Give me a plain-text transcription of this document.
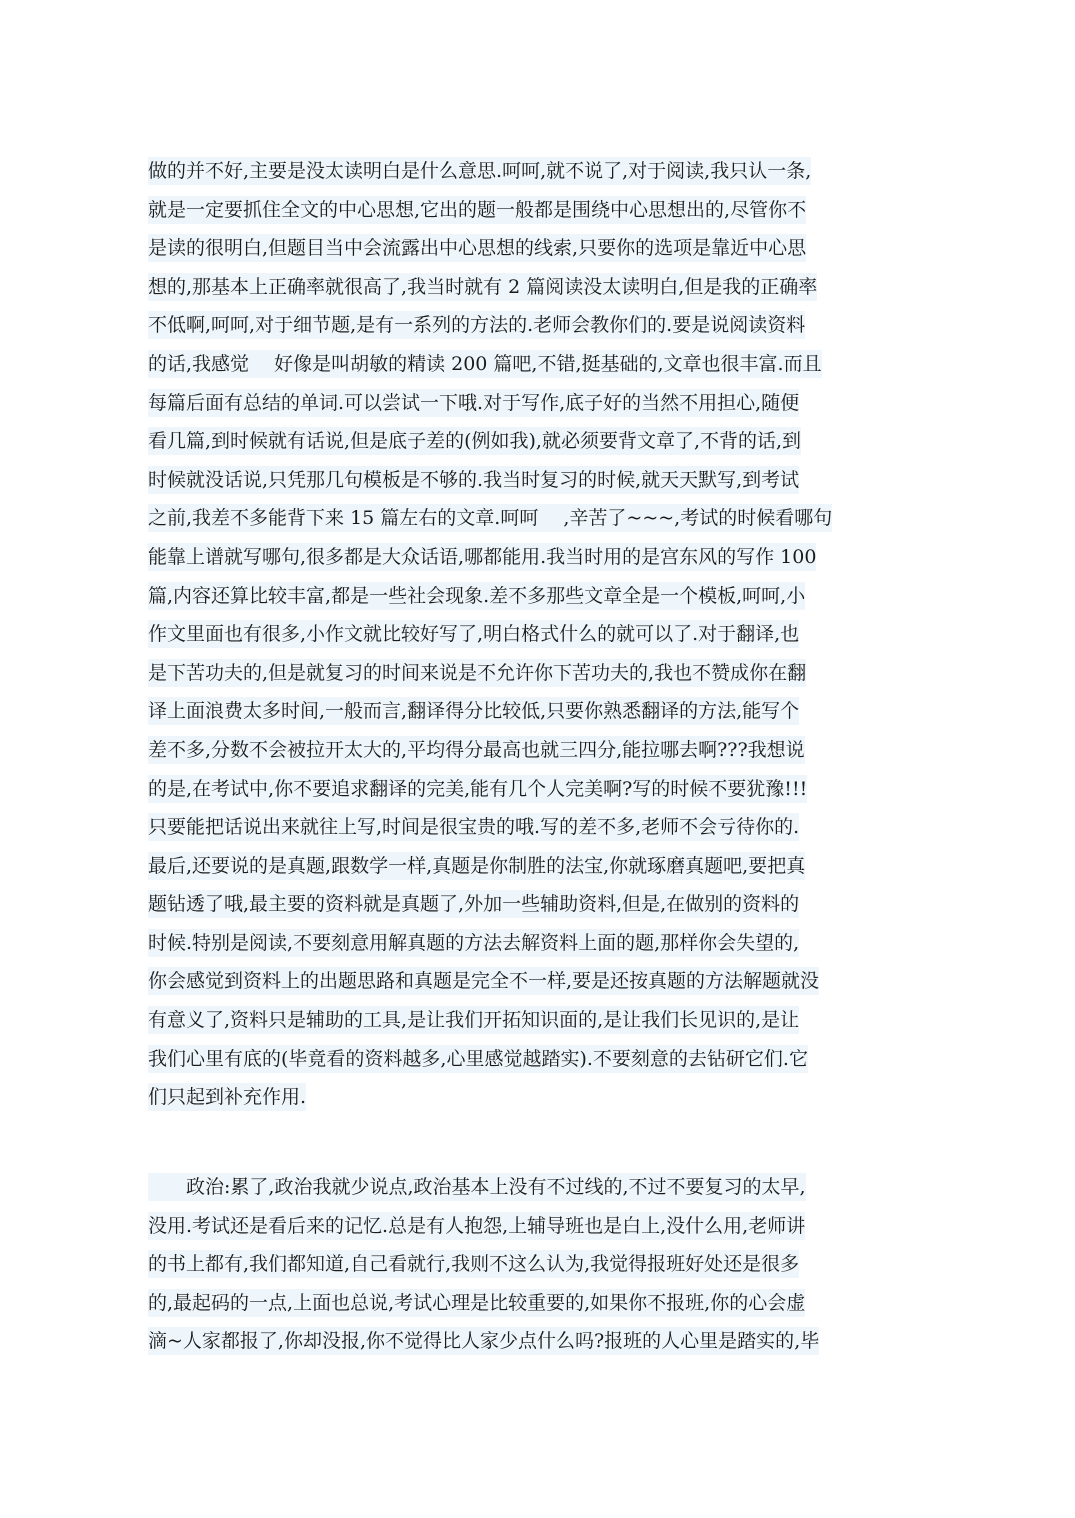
做的并不好,主要是没太读明白是什么意思.呵呵,就不说了,对于阅读,我只认一条,
就是一定要抓住全文的中心思想,它出的题一般都是围绕中心思想出的,尽管你不
是读的很明白,但题目当中会流露出中心思想的线索,只要你的选项是靠近中心思
想的,那基本上正确率就很高了,我当时就有 2 篇阅读没太读明白,但是我的正确率
不低啊,呵呵,对于细节题,是有一系列的方法的.老师会教你们的.要是说阅读资料
的话,我感觉　 好像是叫胡敏的精读 200 篇吧,不错,挺基础的,文章也很丰富.而且
每篇后面有总结的单词.可以尝试一下哦.对于写作,底子好的当然不用担心,随便
看几篇,到时候就有话说,但是底子差的(例如我),就必须要背文章了,不背的话,到
时候就没话说,只凭那几句模板是不够的.我当时复习的时候,就天天默写,到考试
之前,我差不多能背下来 15 篇左右的文章.呵呵　 ,辛苦了~~~,考试的时候看哪句
能靠上谱就写哪句,很多都是大众话语,哪都能用.我当时用的是宫东风的写作 100
篇,内容还算比较丰富,都是一些社会现象.差不多那些文章全是一个模板,呵呵,小
作文里面也有很多,小作文就比较好写了,明白格式什么的就可以了.对于翻译,也
是下苦功夫的,但是就复习的时间来说是不允许你下苦功夫的,我也不赞成你在翻
译上面浪费太多时间,一般而言,翻译得分比较低,只要你熟悉翻译的方法,能写个
差不多,分数不会被拉开太大的,平均得分最高也就三四分,能拉哪去啊???我想说
的是,在考试中,你不要追求翻译的完美,能有几个人完美啊?写的时候不要犹豫!!!
只要能把话说出来就往上写,时间是很宝贵的哦.写的差不多,老师不会亏待你的.
最后,还要说的是真题,跟数学一样,真题是你制胜的法宝,你就琢磨真题吧,要把真
题钻透了哦,最主要的资料就是真题了,外加一些辅助资料,但是,在做别的资料的
时候.特别是阅读,不要刻意用解真题的方法去解资料上面的题,那样你会失望的,
你会感觉到资料上的出题思路和真题是完全不一样,要是还按真题的方法解题就没
有意义了,资料只是辅助的工具,是让我们开拓知识面的,是让我们长见识的,是让
我们心里有底的(毕竟看的资料越多,心里感觉越踏实).不要刻意的去钻研它们.它
们只起到补充作用.
　　政治:累了,政治我就少说点,政治基本上没有不过线的,不过不要复习的太早,
没用.考试还是看后来的记忆.总是有人抱怨,上辅导班也是白上,没什么用,老师讲
的书上都有,我们都知道,自己看就行,我则不这么认为,我觉得报班好处还是很多
的,最起码的一点,上面也总说,考试心理是比较重要的,如果你不报班,你的心会虚
滴~人家都报了,你却没报,你不觉得比人家少点什么吗?报班的人心里是踏实的,毕
